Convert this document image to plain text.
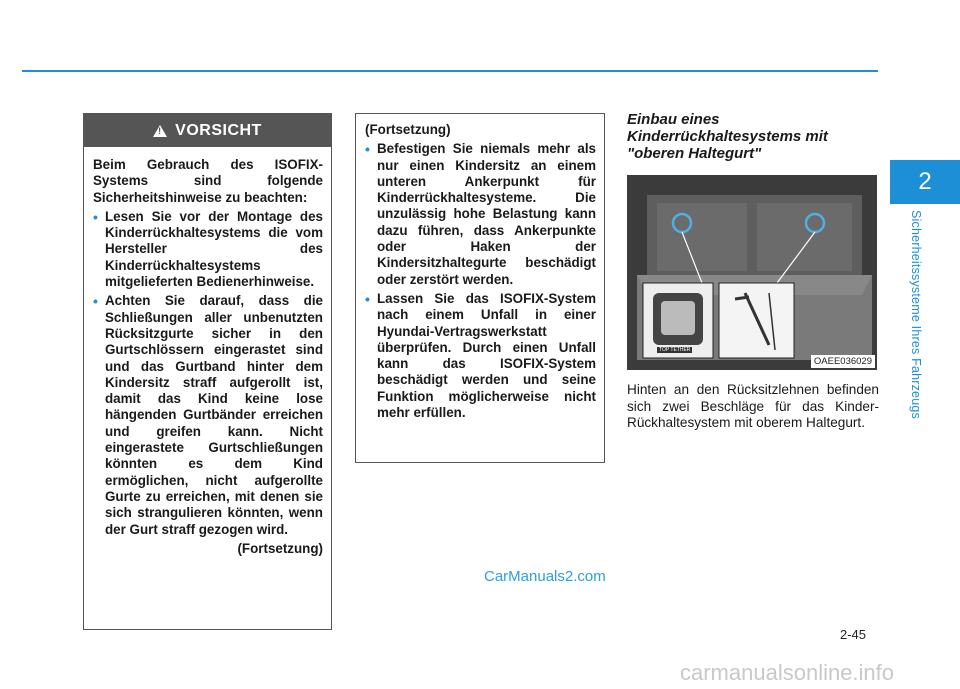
2
Sicherheitssysteme Ihres Fahrzeugs
!
VORSICHT

Beim Gebrauch des ISOFIX-Systems sind folgende Sicherheitshinweise zu beachten:

• Lesen Sie vor der Montage des Kinderrückhaltesystems die vom Hersteller des Kinderrückhaltesystems mitgelieferten Bedienerhinweise.
• Achten Sie darauf, dass die Schließungen aller unbenutzten Rücksitzgurte sicher in den Gurtschlössern eingerastet sind und das Gurtband hinter dem Kindersitz straff aufgerollt ist, damit das Kind keine lose hängenden Gurtbänder erreichen und greifen kann. Nicht eingerastete Gurtschließungen könnten es dem Kind ermöglichen, nicht aufgerollte Gurte zu erreichen, mit denen sie sich strangulieren könnten, wenn der Gurt straff gezogen wird.
(Fortsetzung)

(Fortsetzung)

• Befestigen Sie niemals mehr als nur einen Kindersitz an einem unteren Ankerpunkt für Kinderrückhaltesysteme. Die unzulässig hohe Belastung kann dazu führen, dass Ankerpunkte oder Haken der Kindersitzhaltegurte beschädigt oder zerstört werden.
• Lassen Sie das ISOFIX-System nach einem Unfall in einer Hyundai-Vertragswerkstatt überprüfen. Durch einen Unfall kann das ISOFIX-System beschädigt werden und seine Funktion möglicherweise nicht mehr erfüllen.
Einbau eines Kinderrückhaltesystems mit "oberen Haltegurt"
TOP TETHER
OAEE036029
Hinten an den Rücksitzlehnen befinden sich zwei Beschläge für das Kinder-Rückhaltesystem mit oberem Haltegurt.
CarManuals2.com
2-45
carmanualsonline.info
